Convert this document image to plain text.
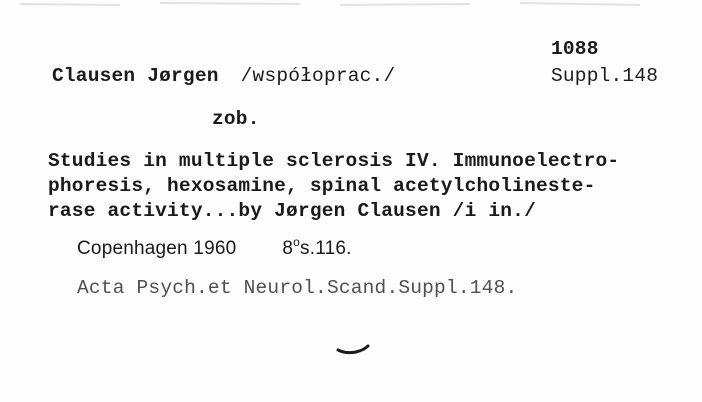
1088
Suppl.148
Clausen Jørgen /współoprac./
zob.
Studies in multiple sclerosis IV. Immunoelectro-
phoresis, hexosamine, spinal acetylcholineste-
rase activity...by Jørgen Clausen /i in./
Copenhagen 1960 8$^o$s.116.
Acta Psych.et Neurol.Scand.Suppl.148.
